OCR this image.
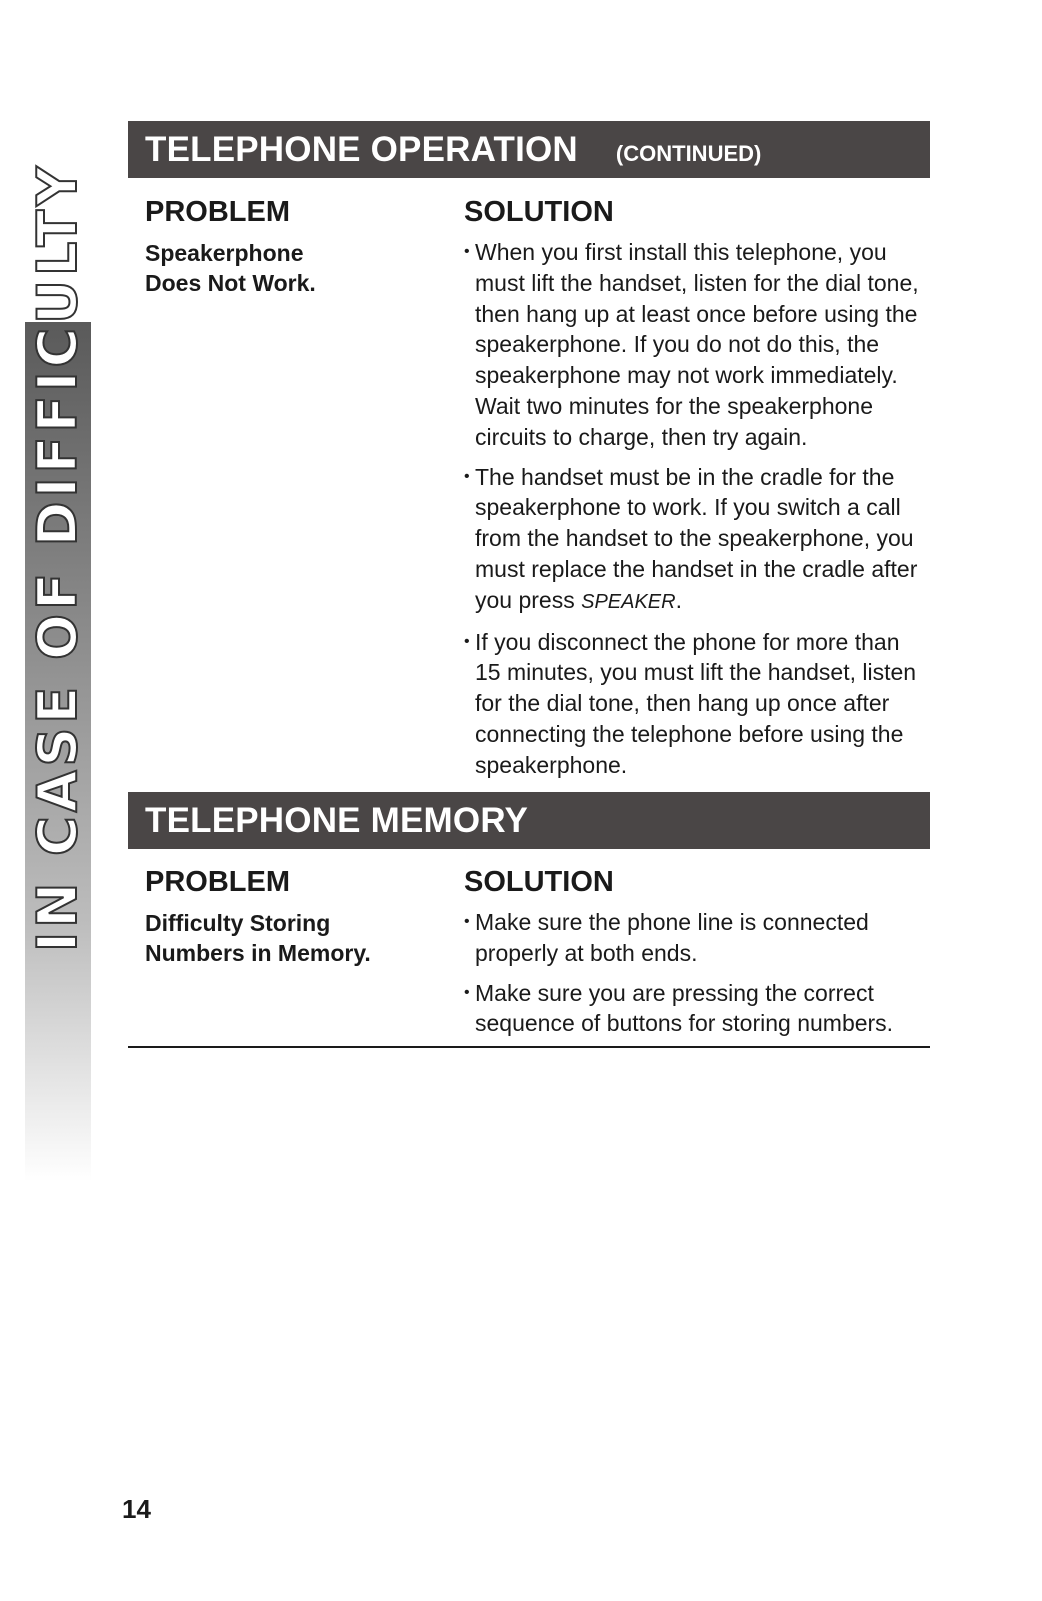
IN CASE OF DIFFICULTY
TELEPHONE OPERATION (CONTINUED)
PROBLEM	SOLUTION
Speakerphone
Does Not Work.
• When you first install this telephone, you
must lift the handset, listen for the dial tone,
then hang up at least once before using the
speakerphone. If you do not do this, the
speakerphone may not work immediately.
Wait two minutes for the speakerphone
circuits to charge, then try again.
• The handset must be in the cradle for the
speakerphone to work. If you switch a call
from the handset to the speakerphone, you
must replace the handset in the cradle after
you press SPEAKER.
• If you disconnect the phone for more than
15 minutes, you must lift the handset, listen
for the dial tone, then hang up once after
connecting the telephone before using the
speakerphone.
TELEPHONE MEMORY
PROBLEM	SOLUTION
Difficulty Storing
Numbers in Memory.
• Make sure the phone line is connected
properly at both ends.
• Make sure you are pressing the correct
sequence of buttons for storing numbers.
14
